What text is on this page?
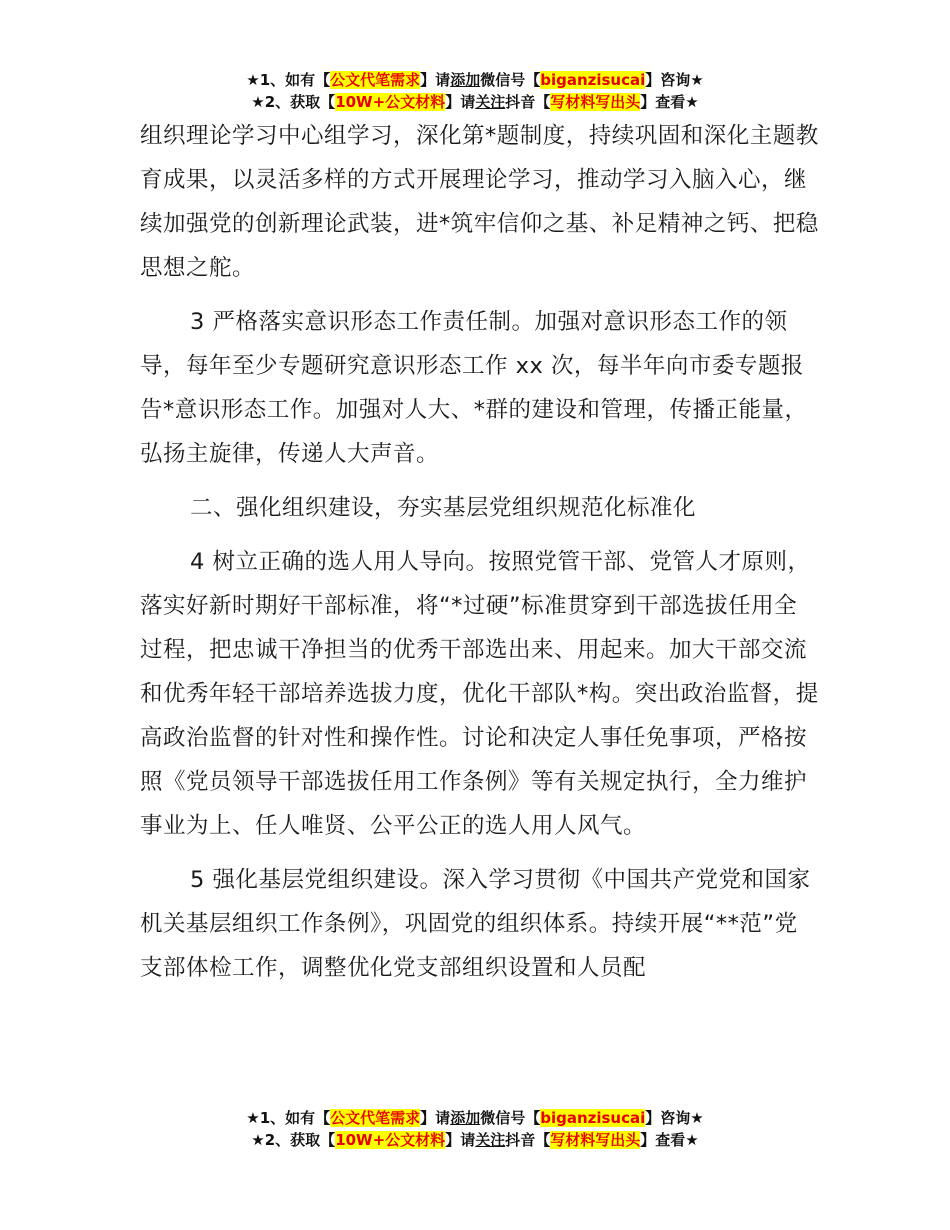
★1、如有【公文代笔需求】请添加微信号【biganzisucai】咨询★
★2、获取【10W+公文材料】请关注抖音【写材料写出头】查看★

组织理论学习中心组学习，深化第*题制度，持续巩固和深化主题教育成果，以灵活多样的方式开展理论学习，推动学习入脑入心，继续加强党的创新理论武装，进*筑牢信仰之基、补足精神之钙、把稳思想之舵。

3 严格落实意识形态工作责任制。加强对意识形态工作的领导，每年至少专题研究意识形态工作 xx 次，每半年向市委专题报告*意识形态工作。加强对人大、*群的建设和管理，传播正能量，弘扬主旋律，传递人大声音。

二、强化组织建设，夯实基层党组织规范化标准化

4 树立正确的选人用人导向。按照党管干部、党管人才原则，落实好新时期好干部标准，将“*过硬”标准贯穿到干部选拔任用全过程，把忠诚干净担当的优秀干部选出来、用起来。加大干部交流和优秀年轻干部培养选拔力度，优化干部队*构。突出政治监督，提高政治监督的针对性和操作性。讨论和决定人事任免事项，严格按照《党员领导干部选拔任用工作条例》等有关规定执行，全力维护事业为上、任人唯贤、公平公正的选人用人风气。

5 强化基层党组织建设。深入学习贯彻《中国共产党党和国家机关基层组织工作条例》，巩固党的组织体系。持续开展“**范”党支部体检工作，调整优化党支部组织设置和人员配

★1、如有【公文代笔需求】请添加微信号【biganzisucai】咨询★
★2、获取【10W+公文材料】请关注抖音【写材料写出头】查看★
